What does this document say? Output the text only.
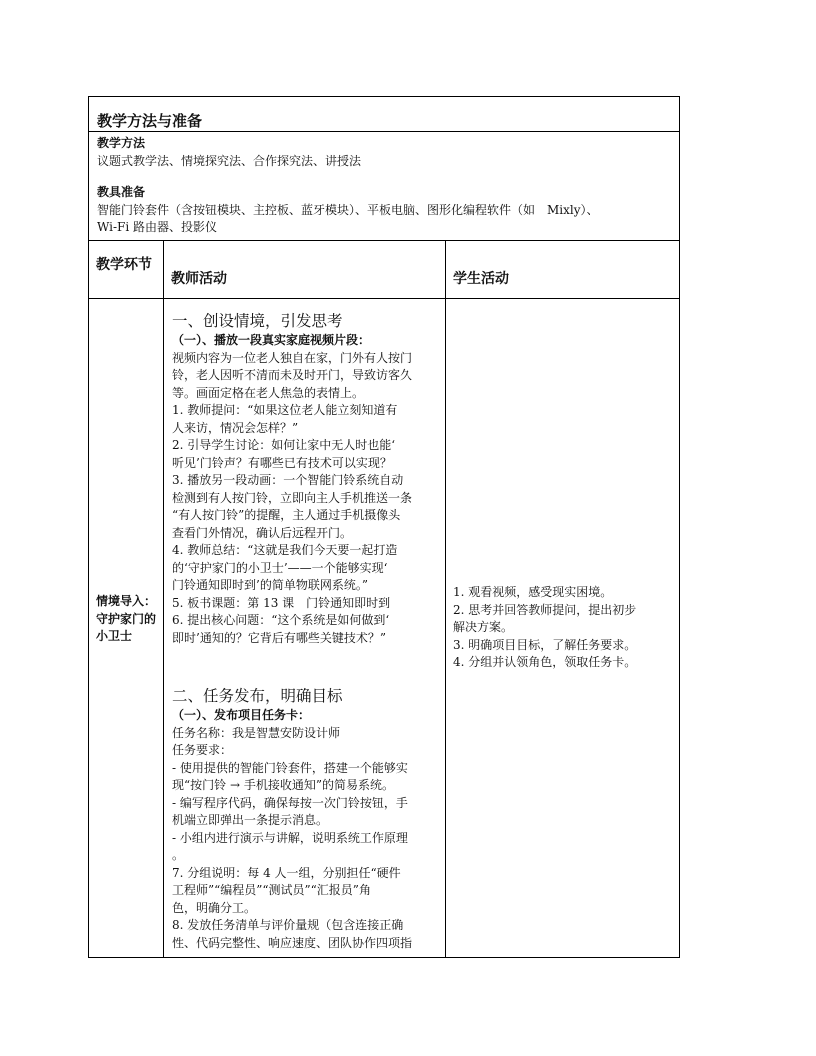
教学方法与准备
教学方法
议题式教学法、情境探究法、合作探究法、讲授法
教具准备
智能门铃套件（含按钮模块、主控板、蓝牙模块）、平板电脑、图形化编程软件（如　Mixly）、
Wi-Fi 路由器、投影仪
教学环节
教师活动	学生活动
情境导入：守护家门的小卫士
一、创设情境，引发思考
（一）、播放一段真实家庭视频片段：
视频内容为一位老人独自在家，门外有人按门
铃，老人因听不清而未及时开门，导致访客久
等。画面定格在老人焦急的表情上。
1. 教师提问：“如果这位老人能立刻知道有
人来访，情况会怎样？”
2. 引导学生讨论：如何让家中无人时也能‘
听见’门铃声？有哪些已有技术可以实现？
3. 播放另一段动画：一个智能门铃系统自动
检测到有人按门铃，立即向主人手机推送一条
“有人按门铃”的提醒，主人通过手机摄像头
查看门外情况，确认后远程开门。
4. 教师总结：“这就是我们今天要一起打造
的‘守护家门的小卫士’——一个能够实现‘
门铃通知即时到’的简单物联网系统。”
5. 板书课题：第 13 课　门铃通知即时到
6. 提出核心问题：“这个系统是如何做到‘
即时’通知的？它背后有哪些关键技术？”
二、任务发布，明确目标
（一）、发布项目任务卡：
任务名称：我是智慧安防设计师
任务要求：
- 使用提供的智能门铃套件，搭建一个能够实
现“按门铃 → 手机接收通知”的简易系统。
- 编写程序代码，确保每按一次门铃按钮，手
机端立即弹出一条提示消息。
- 小组内进行演示与讲解，说明系统工作原理
。
7. 分组说明：每 4 人一组，分别担任“硬件
工程师”“编程员”“测试员”“汇报员”角
色，明确分工。
8. 发放任务清单与评价量规（包含连接正确
性、代码完整性、响应速度、团队协作四项指
1. 观看视频，感受现实困境。
2. 思考并回答教师提问，提出初步
解决方案。
3. 明确项目目标，了解任务要求。
4. 分组并认领角色，领取任务卡。
